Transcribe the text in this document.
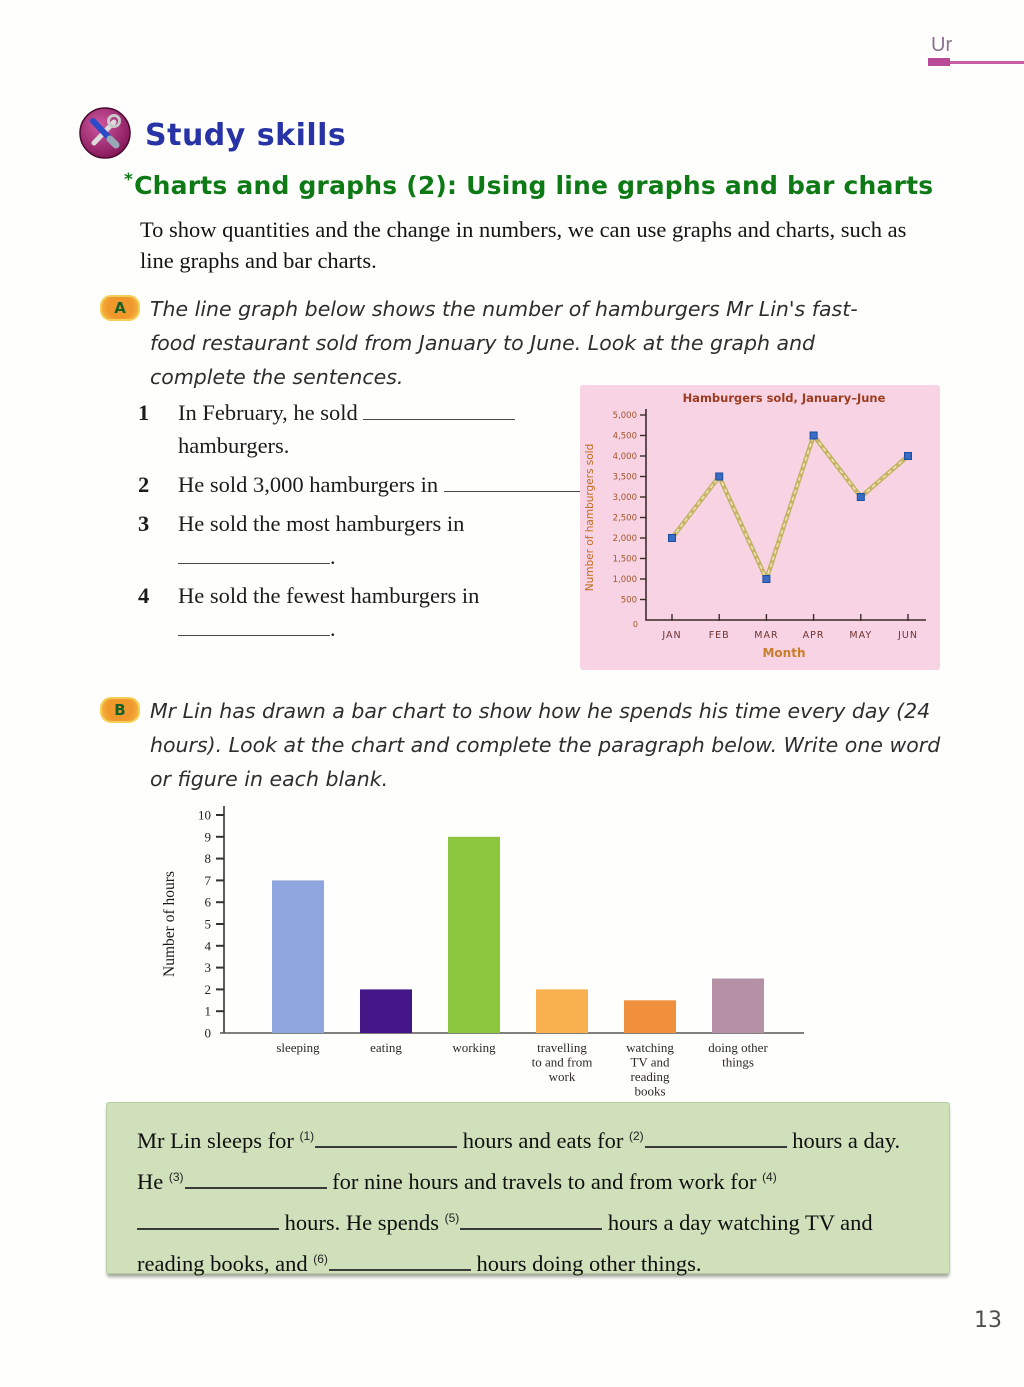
Ur
Study skills
*Charts and graphs (2): Using line graphs and bar charts

To show quantities and the change in numbers, we can use graphs and charts, such as line graphs and bar charts.

A	The line graph below shows the number of hamburgers Mr Lin's fast-food restaurant sold from January to June. Look at the graph and complete the sentences.

1	In February, he sold  hamburgers.
2	He sold 3,000 hamburgers in
3	He sold the most hamburgers in .
4	He sold the fewest hamburgers in .
500
1,000
1,500
2,000
2,500
3,000
3,500
4,000
4,500
5,000
0
JAN	FEB	MAR	APR	MAY	JUN
Hamburgers sold, January–June
Number of hamburgers sold
Month
B	Mr Lin has drawn a bar chart to show how he spends his time every day (24 hours). Look at the chart and complete the paragraph below. Write one word or figure in each blank.

0
1
2
3
4
5
6
7
8
9
10
sleeping	eating	working	travelling
to and from
work
watching
TV and
reading
books
doing other
things
Number of hours

Mr Lin sleeps for $^{(1)}$	hours and eats for $^{(2)}$	hours a day. He $^{(3)}$	for nine hours and travels to and from work for $^{(4)}$ hours. He spends $^{(5)}$	hours a day watching TV and reading books, and $^{(6)}$	hours doing other things.

13
